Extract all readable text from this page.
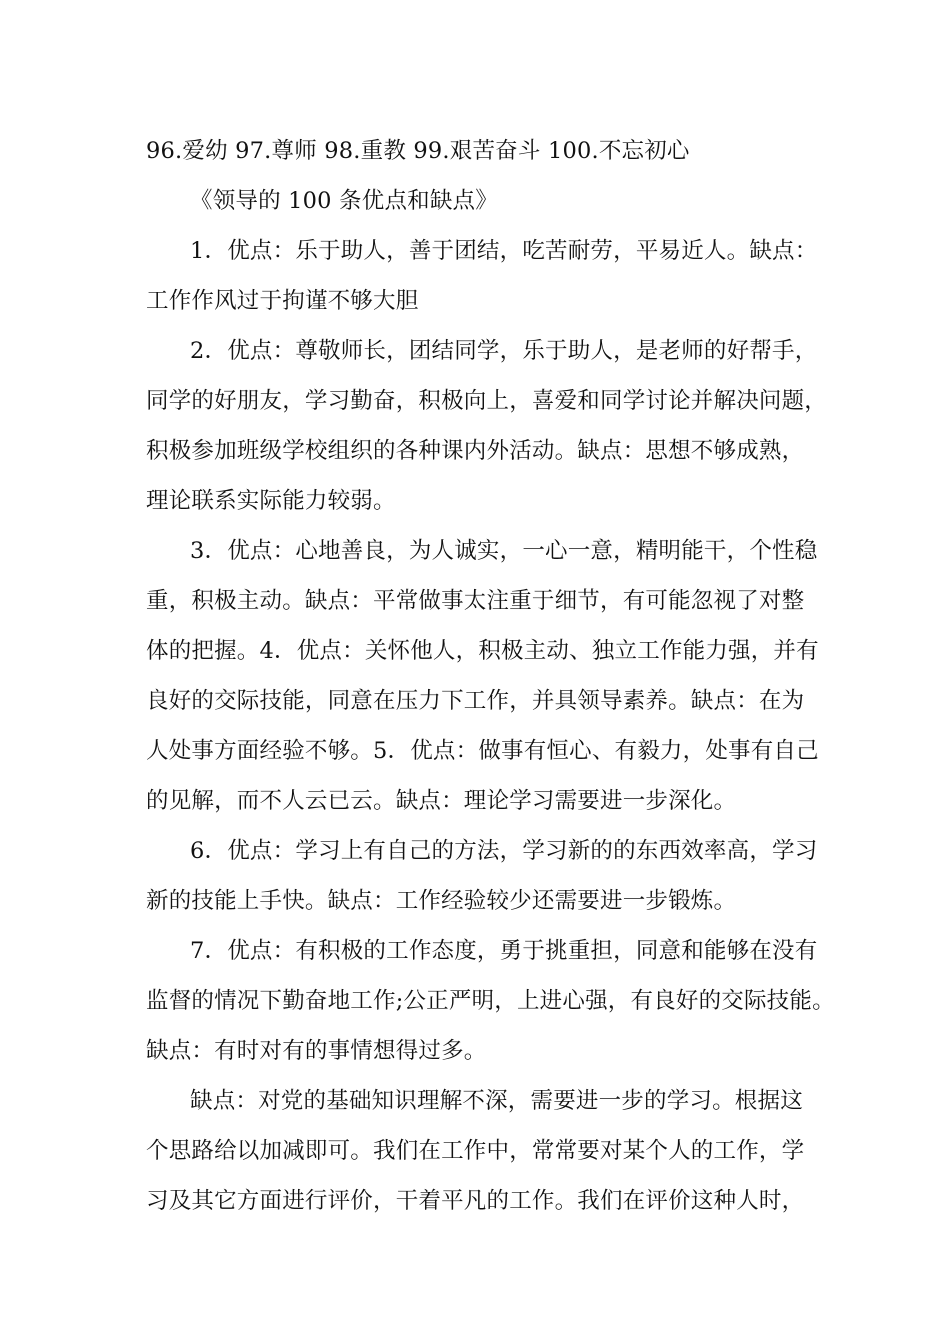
96.爱幼 97.尊师 98.重教 99.艰苦奋斗 100.不忘初心
《领导的 100 条优点和缺点》
1．优点：乐于助人，善于团结，吃苦耐劳，平易近人。缺点：
工作作风过于拘谨不够大胆
2．优点：尊敬师长，团结同学，乐于助人，是老师的好帮手，
同学的好朋友，学习勤奋，积极向上，喜爱和同学讨论并解决问题，
积极参加班级学校组织的各种课内外活动。缺点：思想不够成熟，
理论联系实际能力较弱。
3．优点：心地善良，为人诚实，一心一意，精明能干，个性稳
重，积极主动。缺点：平常做事太注重于细节，有可能忽视了对整
体的把握。4．优点：关怀他人，积极主动、独立工作能力强，并有
良好的交际技能，同意在压力下工作，并具领导素养。缺点：在为
人处事方面经验不够。5．优点：做事有恒心、有毅力，处事有自己
的见解，而不人云已云。缺点：理论学习需要进一步深化。
6．优点：学习上有自己的方法，学习新的的东西效率高，学习
新的技能上手快。缺点：工作经验较少还需要进一步锻炼。
7．优点：有积极的工作态度，勇于挑重担，同意和能够在没有
监督的情况下勤奋地工作;公正严明，上进心强，有良好的交际技能。
缺点：有时对有的事情想得过多。
缺点：对党的基础知识理解不深，需要进一步的学习。根据这
个思路给以加减即可。我们在工作中，常常要对某个人的工作，学
习及其它方面进行评价，干着平凡的工作。我们在评价这种人时，
